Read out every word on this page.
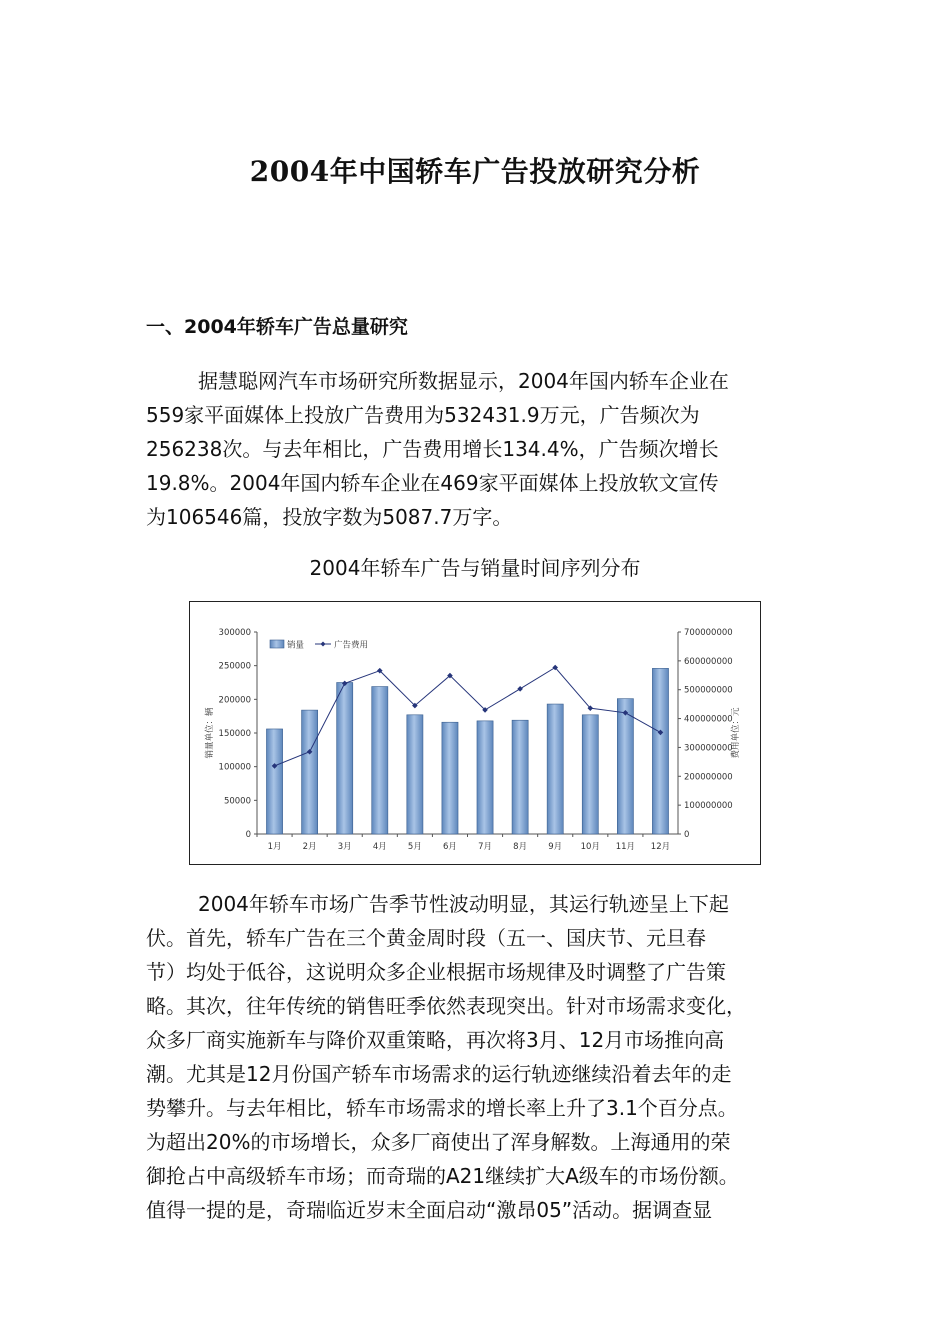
2004年中国轿车广告投放研究分析
一、2004年轿车广告总量研究
据慧聪网汽车市场研究所数据显示，2004年国内轿车企业在
559家平面媒体上投放广告费用为532431.9万元，广告频次为
256238次。与去年相比，广告费用增长134.4%，广告频次增长
19.8%。2004年国内轿车企业在469家平面媒体上投放软文宣传
为106546篇，投放字数为5087.7万字。
2004年轿车广告与销量时间序列分布
0
50000
100000
150000
200000
250000
300000
0
100000000
200000000
300000000
400000000
500000000
600000000
700000000
销量单位：辆	费用单位：元
1月 2月 3月 4月 5月 6月 7月 8月 9月 10月 11月 12月
销量	广告费用
2004年轿车市场广告季节性波动明显，其运行轨迹呈上下起
伏。首先，轿车广告在三个黄金周时段（五一、国庆节、元旦春
节）均处于低谷，这说明众多企业根据市场规律及时调整了广告策
略。其次，往年传统的销售旺季依然表现突出。针对市场需求变化，
众多厂商实施新车与降价双重策略，再次将3月、12月市场推向高
潮。尤其是12月份国产轿车市场需求的运行轨迹继续沿着去年的走
势攀升。与去年相比，轿车市场需求的增长率上升了3.1个百分点。
为超出20%的市场增长，众多厂商使出了浑身解数。上海通用的荣
御抢占中高级轿车市场；而奇瑞的A21继续扩大A级车的市场份额。
值得一提的是，奇瑞临近岁末全面启动“激昂05”活动。据调查显
